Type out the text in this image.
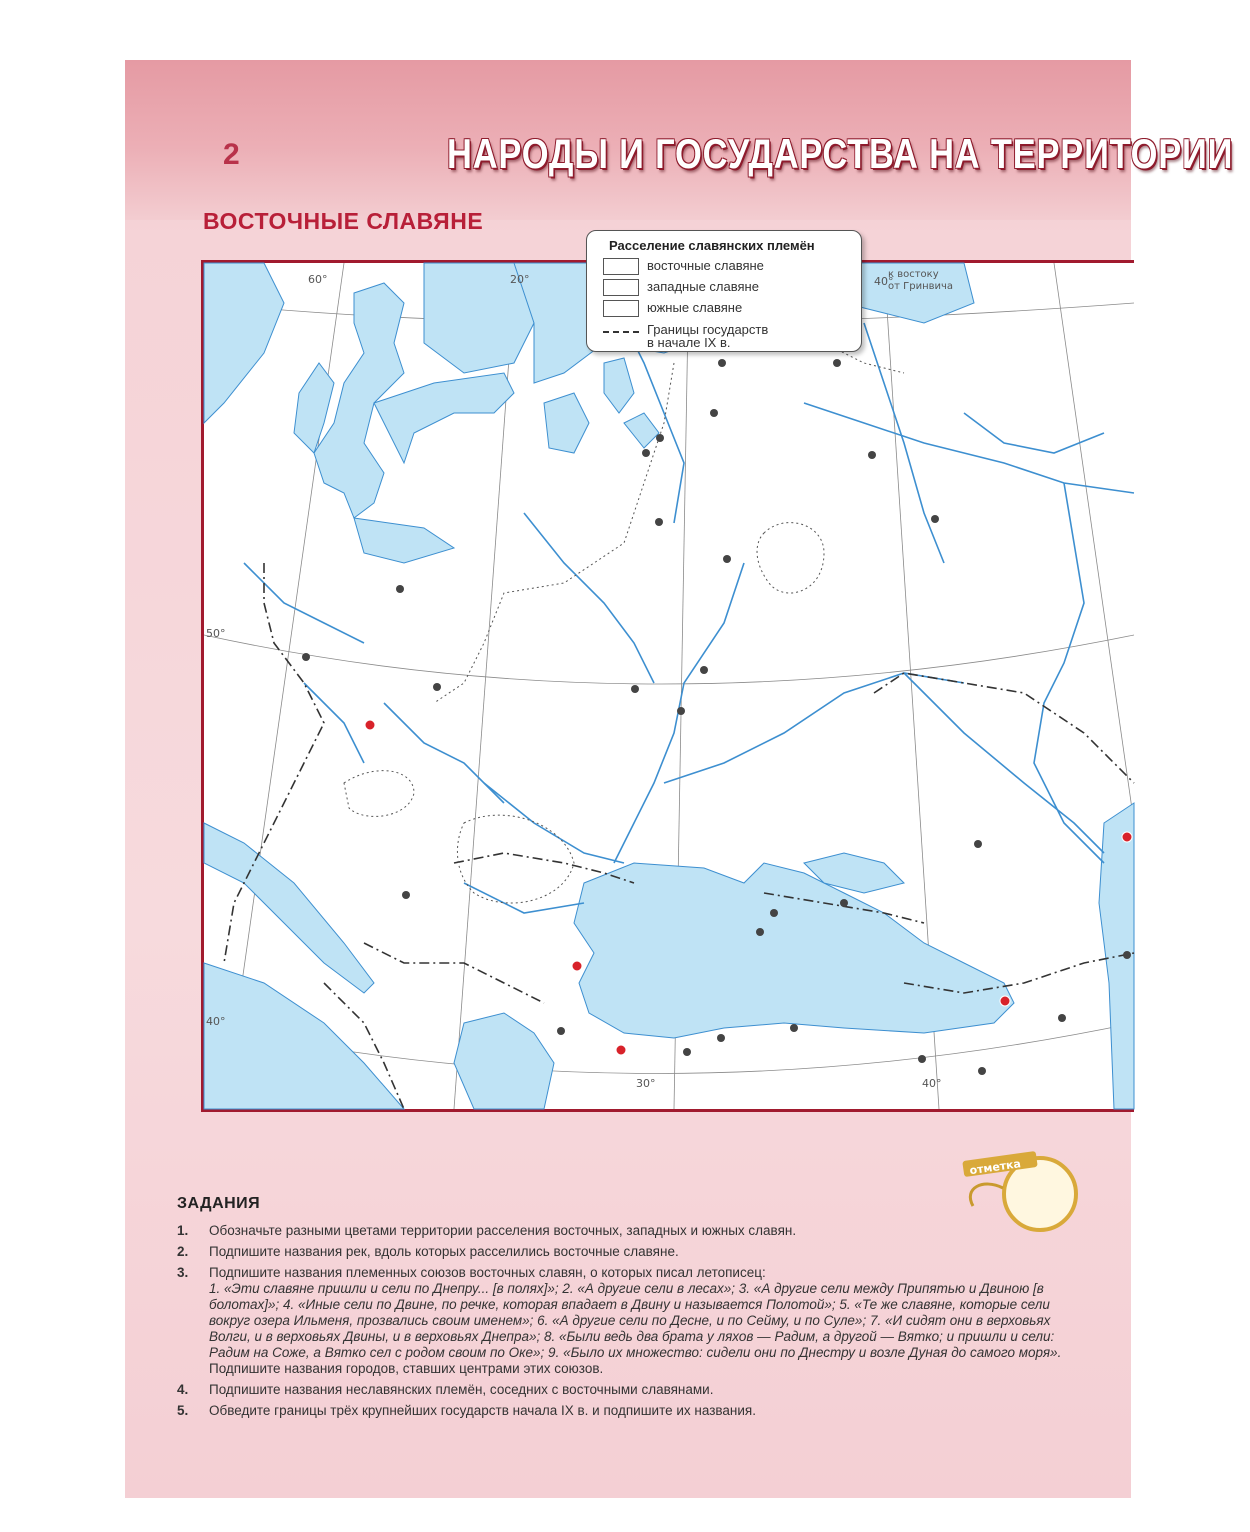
2	НАРОДЫ И ГОСУДАРСТВА НА ТЕРРИТОРИИ
ВОСТОЧНЫЕ СЛАВЯНЕ
60°	20°	40°
к востоку
от Гринвича
50°
40°
30°	40°
Расселение славянских племён
восточные славяне
западные славяне
южные славяне
Границы государств
в начале IX в.
отметка
ЗАДАНИЯ
1. Обозначьте разными цветами территории расселения восточных, западных и южных славян.
2. Подпишите названия рек, вдоль которых расселились восточные славяне.
3. Подпишите названия племенных союзов восточных славян, о которых писал летописец:
1. «Эти славяне пришли и сели по Днепру... [в полях]»; 2. «А другие сели в лесах»; 3. «А другие сели между Припятью и Двиною [в болотах]»; 4. «Иные сели по Двине, по речке, которая впадает в Двину и называется Полотой»; 5. «Те же славяне, которые сели вокруг озера Ильменя, прозвались своим именем»; 6. «А другие сели по Десне, и по Сейму, и по Суле»; 7. «И сидят они в верховьях Волги, и в верховьях Двины, и в верховьях Днепра»; 8. «Были ведь два брата у ляхов — Радим, а другой — Вятко; и пришли и сели: Радим на Соже, а Вятко сел с родом своим по Оке»; 9. «Было их множество: сидели они по Днестру и возле Дуная до самого моря».
Подпишите названия городов, ставших центрами этих союзов.
4. Подпишите названия неславянских племён, соседних с восточными славянами.
5. Обведите границы трёх крупнейших государств начала IX в. и подпишите их названия.
